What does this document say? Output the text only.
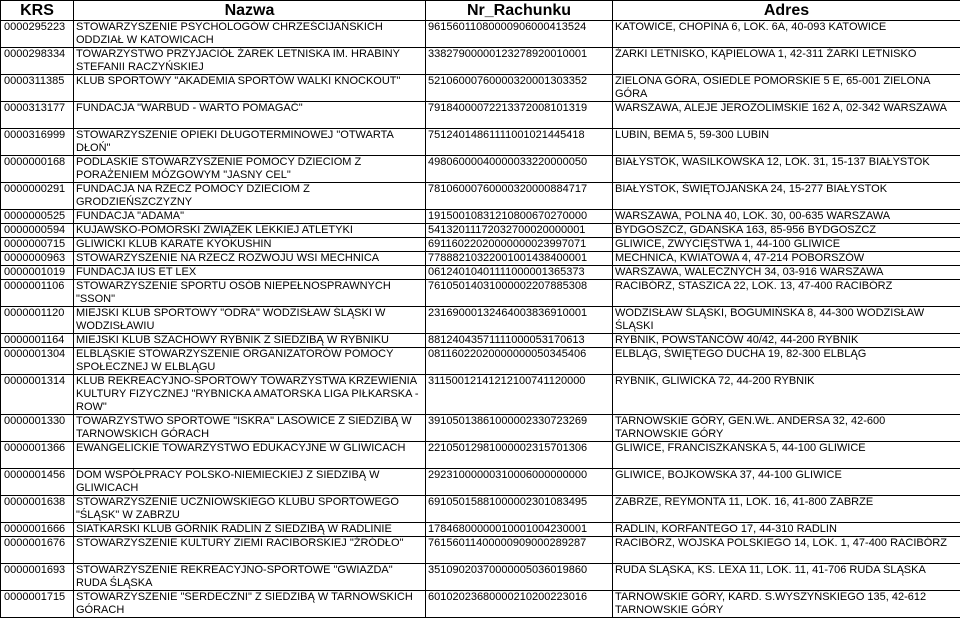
KRS	Nazwa	Nr_Rachunku	Adres
0000295223	STOWARZYSZENIE PSYCHOLOGÓW CHRZEŚCIJAŃSKICH ODDZIAŁ W KATOWICACH	96156011080000906000413524	KATOWICE, CHOPINA 6, LOK. 6A, 40-093 KATOWICE
0000298334	TOWARZYSTWO PRZYJACIÓŁ ŻAREK LETNISKA IM. HRABINY STEFANII RACZYŃSKIEJ	33827900000123278920010001	ŻARKI LETNISKO, KĄPIELOWA 1, 42-311 ŻARKI LETNISKO
0000311385	KLUB SPORTOWY "AKADEMIA SPORTÓW WALKI KNOCKOUT"	52106000760000320001303352	ZIELONA GÓRA, OSIEDLE POMORSKIE 5 E, 65-001 ZIELONA GÓRA
0000313177	FUNDACJA "WARBUD - WARTO POMAGAĆ"	79184000072213372008101319	WARSZAWA, ALEJE JEROZOLIMSKIE 162 A, 02-342 WARSZAWA
0000316999	STOWARZYSZENIE OPIEKI DŁUGOTERMINOWEJ "OTWARTA DŁOŃ"	75124014861111001021445418	LUBIN, BEMA 5, 59-300 LUBIN
0000000168	PODLASKIE STOWARZYSZENIE POMOCY DZIECIOM Z PORAŻENIEM MÓZGOWYM "JASNY CEL"	49806000040000033220000050	BIAŁYSTOK, WASILKOWSKA 12, LOK. 31, 15-137 BIAŁYSTOK
0000000291	FUNDACJA NA RZECZ POMOCY DZIECIOM Z GRODZIEŃSZCZYZNY	78106000760000320000884717	BIAŁYSTOK, ŚWIĘTOJAŃSKA 24, 15-277 BIAŁYSTOK
0000000525	FUNDACJA "ADAMA"	19150010831210800670270000	WARSZAWA, POLNA 40, LOK. 30, 00-635 WARSZAWA
0000000594	KUJAWSKO-POMORSKI ZWIĄZEK LEKKIEJ ATLETYKI	54132011172032700020000001	BYDGOSZCZ, GDAŃSKA 163, 85-956 BYDGOSZCZ
0000000715	GLIWICKI KLUB KARATE KYOKUSHIN	69116022020000000023997071	GLIWICE, ZWYCIĘSTWA 1, 44-100 GLIWICE
0000000963	STOWARZYSZENIE NA RZECZ ROZWOJU WSI MECHNICA	77888210322001001438400001	MECHNICA, KWIATOWA 4, 47-214 POBORSZÓW
0000001019	FUNDACJA IUS ET LEX	06124010401111000001365373	WARSZAWA, WALECZNYCH 34, 03-916 WARSZAWA
0000001106	STOWARZYSZENIE SPORTU OSÓB NIEPEŁNOSPRAWNYCH "SSON"	76105014031000002207885308	RACIBÓRZ, STASZICA 22, LOK. 13, 47-400 RACIBÓRZ
0000001120	MIEJSKI KLUB SPORTOWY "ODRA" WODZISŁAW ŚLĄSKI W WODZISŁAWIU	23169000132464003836910001	WODZISŁAW ŚLĄSKI, BOGUMIŃSKA 8, 44-300 WODZISŁAW ŚLĄSKI
0000001164	MIEJSKI KLUB SZACHOWY RYBNIK Z SIEDZIBĄ W RYBNIKU	88124043571111000053170613	RYBNIK, POWSTAŃCÓW 40/42, 44-200 RYBNIK
0000001304	ELBLĄSKIE STOWARZYSZENIE ORGANIZATORÓW POMOCY SPOŁECZNEJ W ELBLĄGU	08116022020000000050345406	ELBLĄG, ŚWIĘTEGO DUCHA 19, 82-300 ELBLĄG
0000001314	KLUB REKREACYJNO-SPORTOWY TOWARZYSTWA KRZEWIENIA KULTURY FIZYCZNEJ "RYBNICKA AMATORSKA LIGA PIŁKARSKA - ROW"	31150012141212100741120000	RYBNIK, GLIWICKA 72, 44-200 RYBNIK
0000001330	TOWARZYSTWO SPORTOWE "ISKRA" LASOWICE Z SIEDZIBĄ W TARNOWSKICH GÓRACH	39105013861000002330723269	TARNOWSKIE GÓRY, GEN.WŁ. ANDERSA 32, 42-600 TARNOWSKIE GÓRY
0000001366	EWANGELICKIE TOWARZYSTWO EDUKACYJNE W GLIWICACH	22105012981000002315701306	GLIWICE, FRANCISZKAŃSKA 5, 44-100 GLIWICE
0000001456	DOM WSPÓŁPRACY POLSKO-NIEMIECKIEJ Z SIEDZIBĄ W GLIWICACH	29231000000310006000000000	GLIWICE, BOJKOWSKA 37, 44-100 GLIWICE
0000001638	STOWARZYSZENIE UCZNIOWSKIEGO KLUBU SPORTOWEGO "ŚLĄSK" W ZABRZU	69105015881000002301083495	ZABRZE, REYMONTA 11, LOK. 16, 41-800 ZABRZE
0000001666	SIATKARSKI KLUB GÓRNIK RADLIN Z SIEDZIBĄ W RADLINIE	17846800000010001004230001	RADLIN, KORFANTEGO 17, 44-310 RADLIN
0000001676	STOWARZYSZENIE KULTURY ZIEMI RACIBORSKIEJ "ŹRÓDŁO"	76156011400000909000289287	RACIBÓRZ, WOJSKA POLSKIEGO 14, LOK. 1, 47-400 RACIBÓRZ
0000001693	STOWARZYSZENIE REKREACYJNO-SPORTOWE "GWIAZDA" RUDA ŚLĄSKA	35109020370000005036019860	RUDA ŚLĄSKA, KS. LEXA 11, LOK. 11, 41-706 RUDA ŚLĄSKA
0000001715	STOWARZYSZENIE "SERDECZNI" Z SIEDZIBĄ W TARNOWSKICH GÓRACH	60102023680000210200223016	TARNOWSKIE GÓRY, KARD. S.WYSZYŃSKIEGO 135, 42-612 TARNOWSKIE GÓRY
